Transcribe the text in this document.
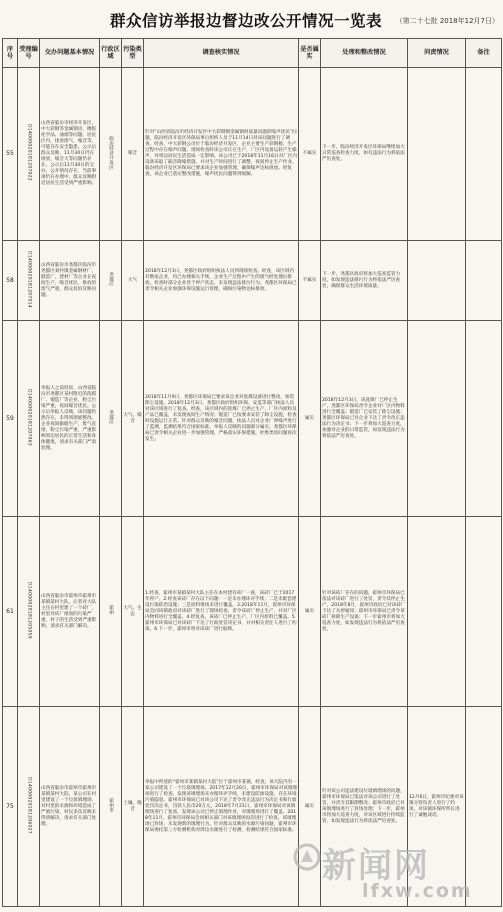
群众信访举报边督边改公开情况一览表 （第二十七批 2018年12月7日）
序号	受理编号	交办问题基本情况	行政区域	污染类型	调查核实情况	是否属实	处理和整改情况	问责情况	备注
55	D14000020181207022	山西省临汾市经济开发区，中大彩钢等金属钢房，橡胶化学品、油烟等问题。居民区内，排放废气、噪音等，可能存在安全隐患。公示后群众反映，11月30日仍在排放，噪音大等问题仍存在，公示后11月30日的交办，公开情况存在，当前事项仍在办理中。群众反映附近居民生活受到严重影响。	临汾经济开发区	噪音	针对“山西省临汾市经济开发区中大彩钢钢金属钢材质量问题的噪声扰民”问题，临汾经济开发区环保局事后组织人员于11月14日对该问题进行了调查。经查，中大彩钢公司位于临汾经济开发区，企业主要生产彩钢板，生产过程中存在噪声问题。现场检查时该公司正在生产，厂区内设备运转产生噪声，对周边居民生活造成一定影响。该公司已于2018年11月16日对厂区内设备采取了隔音降噪措施，并对生产时间进行了调整，夜间停止生产作业。临汾经济开发区环保局已要求该企业加强管理，确保噪声达标排放。经复查，该企业已落实整改措施，噪声扰民问题得到缓解。	不属实	下一步，临汾经济开发区环保局继续加大日常巡查检查力度，如有违法行为将依法严厉查处。		
58	D14000020181207014	山西省临汾市尧都区临汾市尧都区刘村镇金属钢材厂、锻造厂、建材厂等企业在夜间生产，噪音扰民，排放的废气严重，群众投诉反映问题。	尧都区	大气	2018年12月3日，尧都区政府组织执法人员到现场检查。经查，该区域内有数家企业，均已办理相关手续，企业生产过程中产生的废气经处理后排放。检查时部分企业处于停产状态，未发现违法排污行为。尧都区环保局已责令相关企业加强环保设施运行管理，确保污染物达标排放。	不属实	下一步，尧都区政府将加大巡查监管力度，如发现违法排污行为将依法严厉查处，确保群众生活环境质量。		
59	D14000020181207063	举报人之前投诉，山西省临汾市尧都区某村附近的洗煤厂、锻造厂等企业，粉尘污染严重，夜间噪音扰民。公示后举报人反映，该问题仍然存在，未得到彻底整改。企业夜间偷偷生产，废气直排，粉尘污染严重，严重影响周边居民的正常生活和身体健康，请求有关部门严肃处理。	尧都区	大气、噪音	2018年11月9日，尧都区环保局已要求该企业对洗煤设备进行整改，加装除尘设施。2018年12月3日，尧都区政府组织环保、安监等部门执法人员对该区域进行了复查。经查，该区域内的洗煤厂已停止生产，厂区内原料及产品已覆盖，未发现夜间生产情况；锻造厂已按要求安装了除尘设施，检查时设施运行正常。针对群众反映的噪音问题，执法人员对企业厂界噪声进行了监测，监测结果符合国家标准。举报人反映的问题部分属实。尧都区环保局已责令相关企业进一步加强管理，严格落实环保措施，杜绝类似问题再次发生。	属实	2018年12月3日，该洗煤厂已停止生产，尧都区环保局责令企业对厂区内物料进行全覆盖；锻造厂已安装了除尘设施；尧都区环保局已对企业下达了责令改正违法行为决定书；下一步将加大巡查力度，加强对企业的日常监管，如发现违法行为将依法严厉查处。		
61	D14000020181205059	山西省临汾市霍州市霍州市某镇某村大队，后者对大队主任在村里建了一个砖厂，村里对砖厂排放的污染严重，村子的生活受到严重影响，请求有关部门解决。	霍州	大气、生态	1.经查，霍州市某镇某村大队主任在本村建有砖厂一座，该砖厂已于2017年停产。2.经查该砖厂存在以下问题：一是未办理环评手续；二是未配套建设污染防治设施；三是原料堆场未进行覆盖。3.2018年11月，霍州市环保局会同该镇政府对该砖厂进行了现场检查，责令该砖厂停止生产，并对厂区内物料进行全覆盖。4.经复查，该砖厂已停止生产，厂区内原料已覆盖。5.霍州市环保局已对该砖厂下达了行政处罚决定书，并对相关责任人进行了约谈。6.下一步，霍州市将对该砖厂进行取缔。	属实	针对该砖厂存在的问题，霍州市环保局已依法对该砖厂进行了处罚，责令其停止生产，2018年8月，霍州市政府已对该砖厂下达了关停通知；霍州市环保局已责令该砖厂拆除生产设备；下一步霍州市将加大巡查力度，如发现违法行为将依法严厉查处。		
75	D14000020181206027	山西省临汾市霍州市霍州市某镇某村大院，某公司在村里建设了一个垃圾填埋场，对村里的水源和环境造成了严重污染，村民多次反映未得到解决，请求有关部门处理。	霍州市	土壤、噪音	举报中所述的“霍州市某镇某村大院”位于霍州市某镇，经查，该大院内有一家公司建设了一个垃圾填埋场。2017年12月20日，霍州市环保局对该填埋场进行了检查，发现该填埋场未办理环评手续，未建设防渗设施，存在环境污染隐患。霍州市环保局已对该公司下达了责令改正违法行为决定书和行政处罚决定书，罚款人民币20万元。2018年7月21日，霍州市环保局对该填埋场进行了复查，发现该公司已停止填埋作业，对填埋场进行了覆盖。2018年11月，霍州市环保局会同相关部门对该填埋场再次进行了检查，该填埋场已封场，未发现新的填埋行为。针对群众反映的水源污染问题，霍州市环保局委托第三方检测机构对周边水源进行了检测，检测结果符合国家标准。	属实	针对该公司违法建设垃圾填埋场的问题，霍州市环保局已依法对该公司进行了处罚，并责令其限期整改；霍州市政府已对该填埋场进行了封场处理；下一步，霍州市将加大巡查力度，对该区域进行持续监管，如发现违法行为将依法严厉查处。	12月6日，霍州市纪委对该镇分管负责人进行了约谈，对该镇环保所所长进行了诫勉谈话。	
新闻网
lfxw.com
